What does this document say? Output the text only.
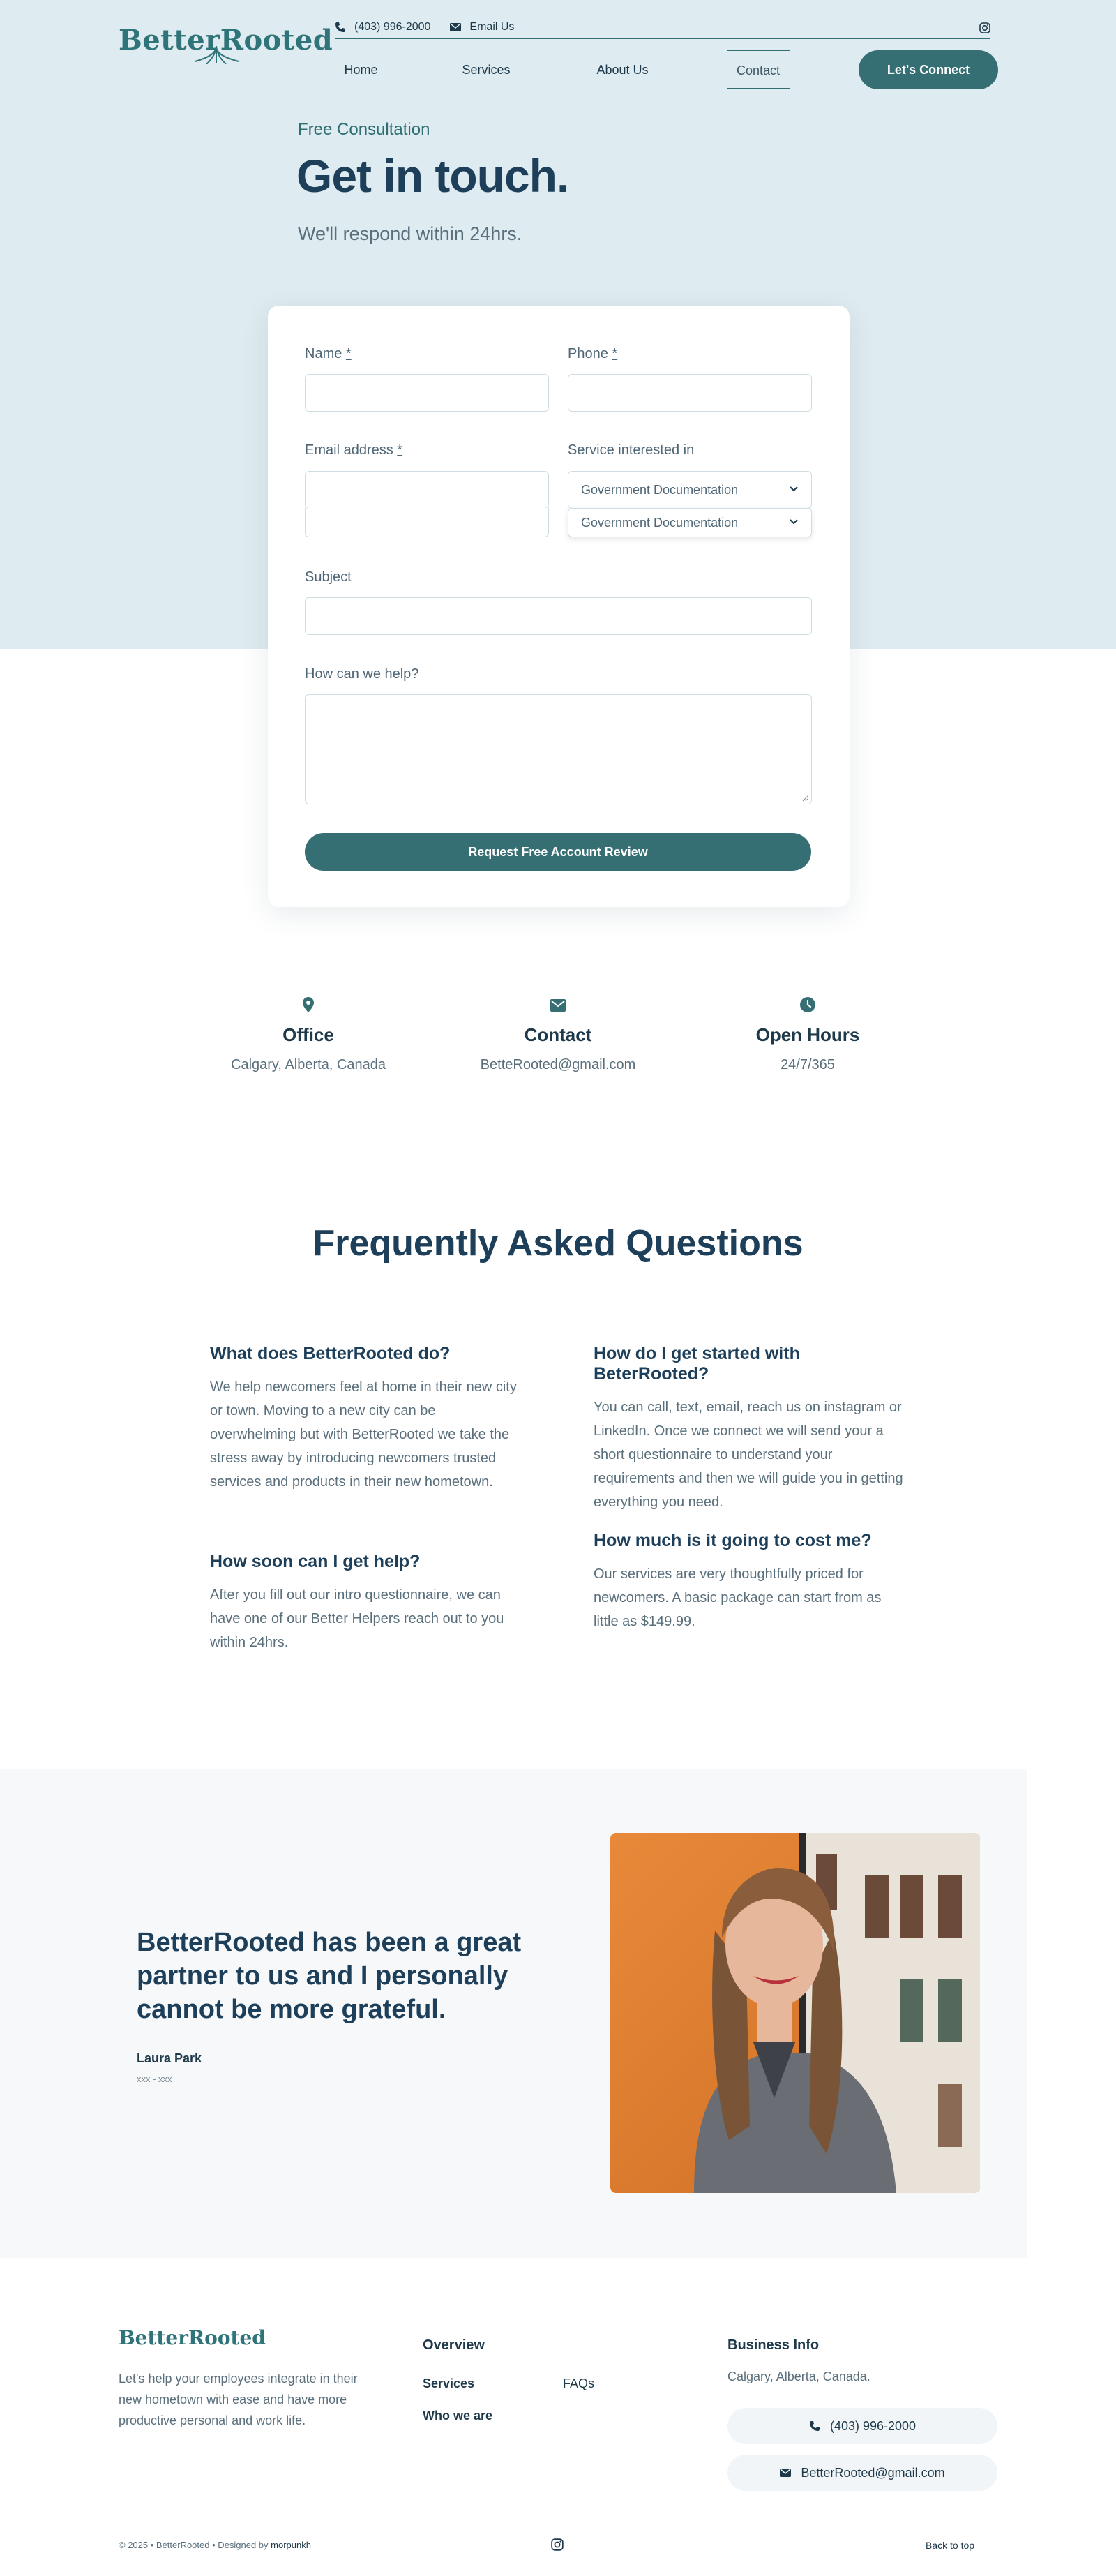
BetterRooted (403) 996-2000	Email Us
Home	Services	About Us	Contact	Let's Connect
Free Consultation
Get in touch.
We'll respond within 24hrs.
Name *	Phone *
Email address *	Service interested in
Government Documentation
Government Documentation
Subject
How can we help?
Request Free Account Review
Office
Calgary, Alberta, Canada
Contact
BetteRooted@gmail.com
Open Hours
24/7/365
Frequently Asked Questions
What does BetterRooted do?

We help newcomers feel at home in their new city or town. Moving to a new city can be overwhelming but with BetterRooted we take the stress away by introducing newcomers trusted services and products in their new hometown.

How do I get started with BeterRooted?

You can call, text, email, reach us on instagram or LinkedIn. Once we connect we will send your a short questionnaire to understand your requirements and then we will guide you in getting everything you need.

How soon can I get help?

After you fill out our intro questionnaire, we can have one of our Better Helpers reach out to you within 24hrs.

How much is it going to cost me?

Our services are very thoughtfully priced for newcomers. A basic package can start from as little as $149.99.

BetterRooted has been a great partner to us and I personally cannot be more grateful.
Laura Park
xxx - xxx
BetterRooted
Let's help your employees integrate in their new hometown with ease and have more productive personal and work life.
Overview
Services	FAQs
Who we are
Business Info
Calgary, Alberta, Canada.
(403) 996-2000
BetterRooted@gmail.com
© 2025 • BetterRooted • Designed by morpunkh	Back to top
